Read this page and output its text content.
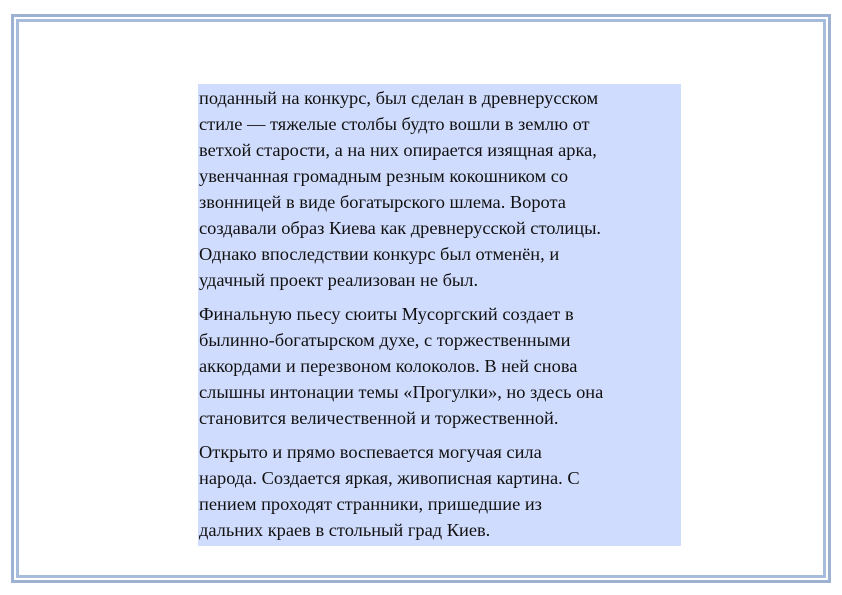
поданный на конкурс, был сделан в древнерусском
стиле — тяжелые столбы будто вошли в землю от
ветхой старости, а на них опирается изящная арка,
увенчанная громадным резным кокошником со
звонницей в виде богатырского шлема. Ворота
создавали образ Киева как древнерусской столицы.
Однако впоследствии конкурс был отменён, и
удачный проект реализован не был.

Финальную пьесу сюиты Мусоргский создает в
былинно-богатырском духе, с торжественными
аккордами и перезвоном колоколов. В ней снова
слышны интонации темы «Прогулки», но здесь она
становится величественной и торжественной.

Открыто и прямо воспевается могучая сила
народа. Создается яркая, живописная картина. С
пением проходят странники, пришедшие из
дальних краев в стольный град Киев.
